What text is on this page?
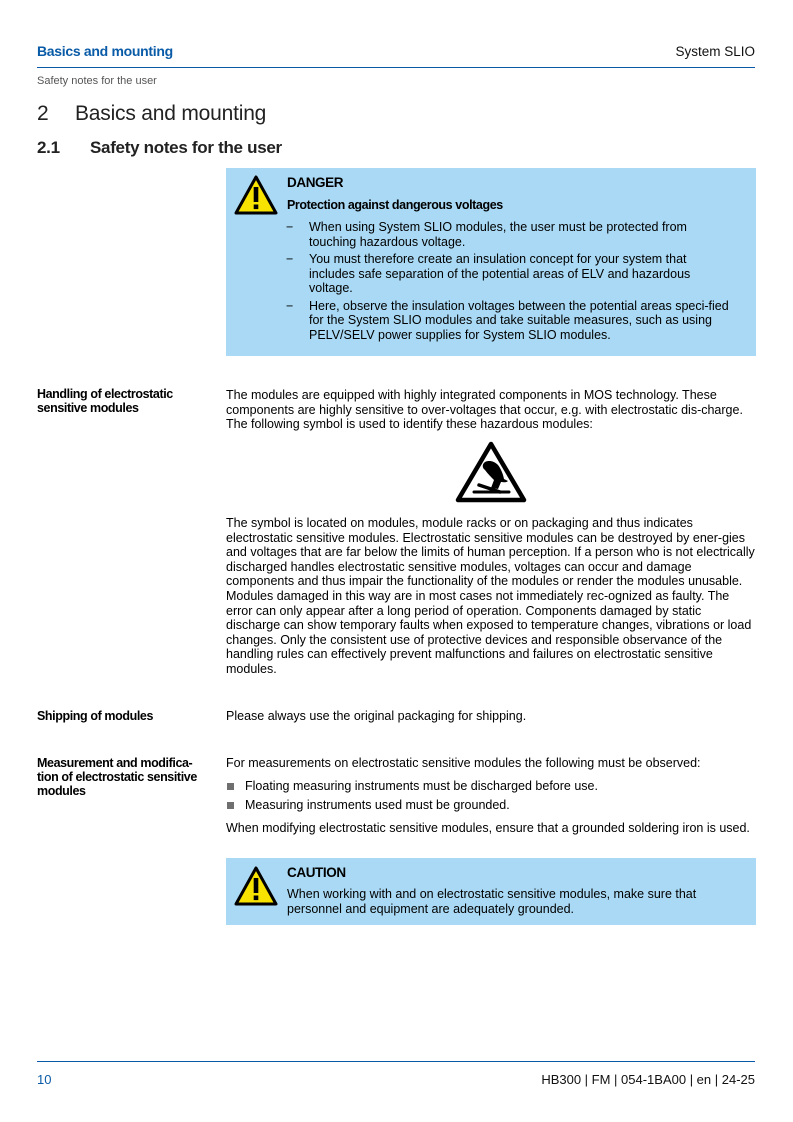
Basics and mounting	System SLIO
Safety notes for the user
2 Basics and mounting
2.1 Safety notes for the user
DANGER
Protection against dangerous voltages
− When using System SLIO modules, the user must be protected from touching hazardous voltage.
− You must therefore create an insulation concept for your system that includes safe separation of the potential areas of ELV and hazardous voltage.
− Here, observe the insulation voltages between the potential areas speci-fied for the System SLIO modules and take suitable measures, such as using PELV/SELV power supplies for System SLIO modules.
Handling of electrostatic sensitive modules
The modules are equipped with highly integrated components in MOS technology. These components are highly sensitive to over-voltages that occur, e.g. with electrostatic dis-charge. The following symbol is used to identify these hazardous modules:
The symbol is located on modules, module racks or on packaging and thus indicates electrostatic sensitive modules. Electrostatic sensitive modules can be destroyed by ener-gies and voltages that are far below the limits of human perception. If a person who is not electrically discharged handles electrostatic sensitive modules, voltages can occur and damage components and thus impair the functionality of the modules or render the modules unusable. Modules damaged in this way are in most cases not immediately rec-ognized as faulty. The error can only appear after a long period of operation. Components damaged by static discharge can show temporary faults when exposed to temperature changes, vibrations or load changes. Only the consistent use of protective devices and responsible observance of the handling rules can effectively prevent malfunctions and failures on electrostatic sensitive modules.
Shipping of modules	Please always use the original packaging for shipping.
Measurement and modifica-tion of electrostatic sensitive modules
For measurements on electrostatic sensitive modules the following must be observed:
Floating measuring instruments must be discharged before use.
Measuring instruments used must be grounded.
When modifying electrostatic sensitive modules, ensure that a grounded soldering iron is used.
CAUTION
When working with and on electrostatic sensitive modules, make sure that personnel and equipment are adequately grounded.
10	HB300 | FM | 054-1BA00 | en | 24-25
